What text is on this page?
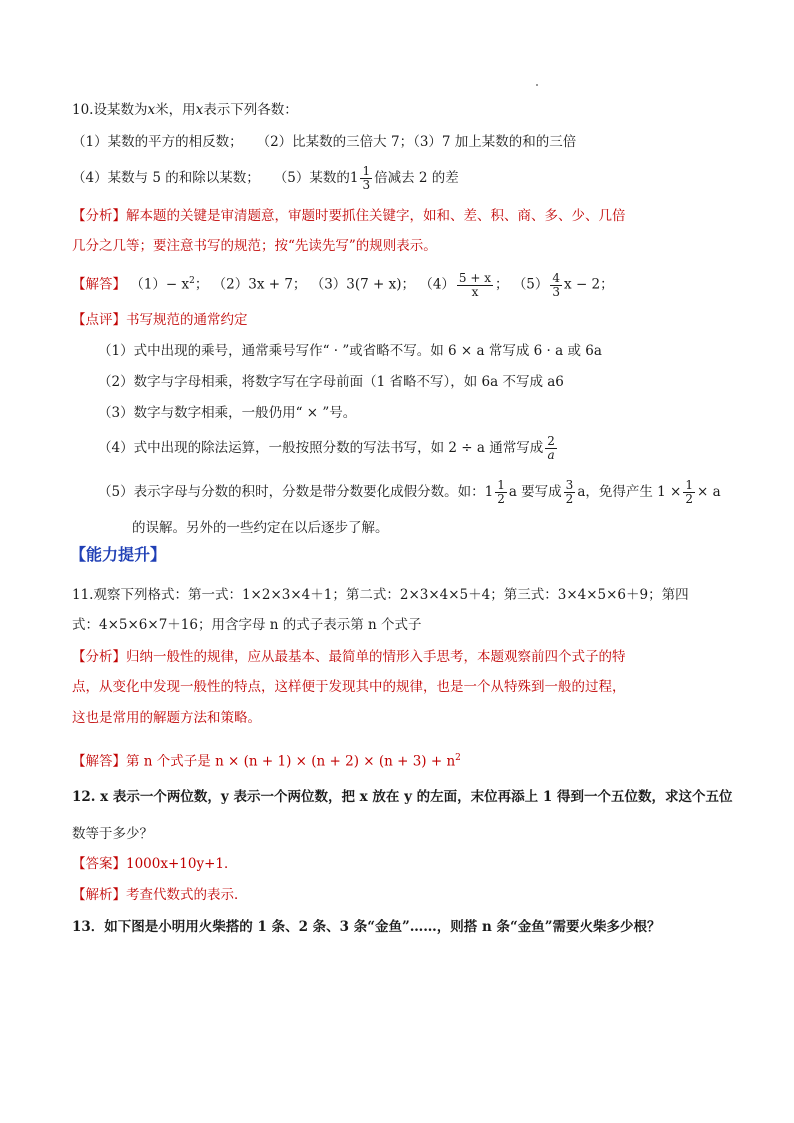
10.设某数为x米，用x表示下列各数：
（1）某数的平方的相反数； （2）比某数的三倍大 7；（3）7 加上某数的和的三倍
（4）某数与 5 的和除以某数； （5）某数的$1 \frac{1}{3}$ 倍减去 2 的差
【分析】解本题的关键是审清题意，审题时要抓住关键字，如和、差、积、商、多、少、几倍
几分之几等；要注意书写的规范；按“先读先写”的规则表示。
【解答】 $(1)- x^2$； （2）3x + 7； （3）3(7 + x)； $(4) \frac{5 + x}{x}$ ； $(5) \frac{4}{3}$ x − 2；
【点评】书写规范的通常约定
（1）式中出现的乘号，通常乘号写作“ · ”或省略不写。如 6 × a 常写成 6 · a 或 6a
（2）数字与字母相乘，将数字写在字母前面（1 省略不写），如 6a 不写成 a6
（3）数字与数字相乘，一般仍用“ × ”号。
（4）式中出现的除法运算，一般按照分数的写法书写，如 2 ÷ a 通常写成 $\frac{2}{a}$
（5）表示字母与分数的积时，分数是带分数要化成假分数。如：$1 \frac{1}{2}$ a 要写成 $\frac{3}{2}$ a，免得产生 $1 \times \frac{1}{2} \times a$
的误解。另外的一些约定在以后逐步了解。
【能力提升】
11.观察下列格式：第一式：1×2×3×4＋1；第二式：2×3×4×5＋4；第三式：3×4×5×6＋9；第四
式：4×5×6×7＋16；用含字母 n 的式子表示第 n 个式子
【分析】归纳一般性的规律，应从最基本、最简单的情形入手思考，本题观察前四个式子的特
点，从变化中发现一般性的特点，这样便于发现其中的规律，也是一个从特殊到一般的过程，
这也是常用的解题方法和策略。
【解答】第 n 个式子是 $n \times (n + 1) \times (n + 2) \times (n + 3) + n^2$
12. x 表示一个两位数，y 表示一个两位数，把 x 放在 y 的左面，末位再添上 1 得到一个五位数，求这个五位
数等于多少？
【答案】1000x+10y+1．
【解析】考查代数式的表示．
13．如下图是小明用火柴搭的 1 条、2 条、3 条“金鱼”……，则搭 n 条“金鱼”需要火柴多少根？
